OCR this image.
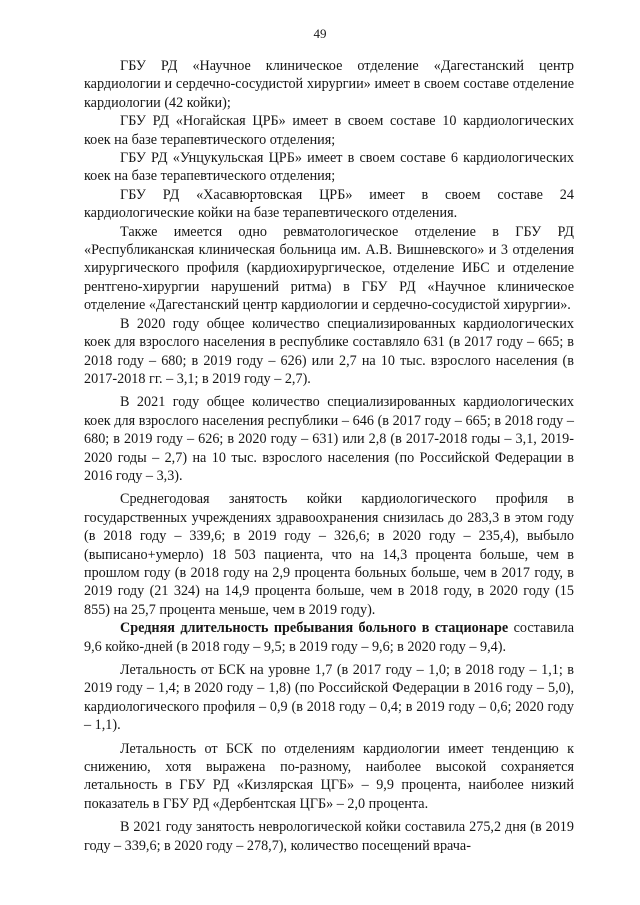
49

ГБУ РД «Научное клиническое отделение «Дагестанский центр кардиологии и сердечно-сосудистой хирургии» имеет в своем составе отделение кардиологии (42 койки);

ГБУ РД «Ногайская ЦРБ» имеет в своем составе 10 кардиологических коек на базе терапевтического отделения;

ГБУ РД «Унцукульская ЦРБ» имеет в своем составе 6 кардиологических коек на базе терапевтического отделения;

ГБУ РД «Хасавюртовская ЦРБ» имеет в своем составе 24 кардиологические койки на базе терапевтического отделения.

Также имеется одно ревматологическое отделение в ГБУ РД «Республиканская клиническая больница им. А.В. Вишневского» и 3 отделения хирургического профиля (кардиохирургическое, отделение ИБС и отделение рентгено-хирургии нарушений ритма) в ГБУ РД «Научное клиническое отделение «Дагестанский центр кардиологии и сердечно-сосудистой хирургии».

В 2020 году общее количество специализированных кардиологических коек для взрослого населения в республике составляло 631 (в 2017 году – 665; в 2018 году – 680; в 2019 году – 626) или 2,7 на 10 тыс. взрослого населения (в 2017-2018 гг. – 3,1; в 2019 году – 2,7).

В 2021 году общее количество специализированных кардиологических коек для взрослого населения республики – 646 (в 2017 году – 665; в 2018 году – 680; в 2019 году – 626; в 2020 году – 631) или 2,8 (в 2017-2018 годы – 3,1, 2019-2020 годы – 2,7) на 10 тыс. взрослого населения (по Российской Федерации в 2016 году – 3,3).

Среднегодовая занятость койки кардиологического профиля в государственных учреждениях здравоохранения снизилась до 283,3 в этом году (в 2018 году – 339,6; в 2019 году – 326,6; в 2020 году – 235,4), выбыло (выписано+умерло) 18 503 пациента, что на 14,3 процента больше, чем в прошлом году (в 2018 году на 2,9 процента больных больше, чем в 2017 году, в 2019 году (21 324) на 14,9 процента больше, чем в 2018 году, в 2020 году (15 855) на 25,7 процента меньше, чем в 2019 году).

Средняя длительность пребывания больного в стационаре составила 9,6 койко-дней (в 2018 году – 9,5; в 2019 году – 9,6; в 2020 году – 9,4).

Летальность от БСК на уровне 1,7 (в 2017 году – 1,0; в 2018 году – 1,1; в 2019 году – 1,4; в 2020 году – 1,8) (по Российской Федерации в 2016 году – 5,0), кардиологического профиля – 0,9 (в 2018 году – 0,4; в 2019 году – 0,6; 2020 году – 1,1).

Летальность от БСК по отделениям кардиологии имеет тенденцию к снижению, хотя выражена по-разному, наиболее высокой сохраняется летальность в ГБУ РД «Кизлярская ЦГБ» – 9,9 процента, наиболее низкий показатель в ГБУ РД «Дербентская ЦГБ» – 2,0 процента.

В 2021 году занятость неврологической койки составила 275,2 дня (в 2019 году – 339,6; в 2020 году – 278,7), количество посещений врача-
